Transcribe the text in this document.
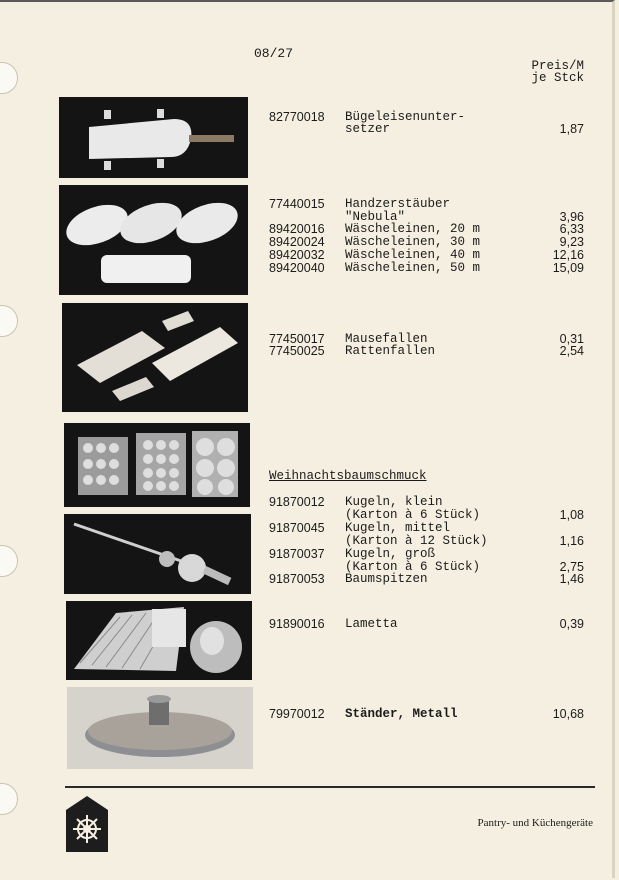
08/27
Preis/M
je Stck
82770018 Bügeleisenunter-
setzer	1,87
77440015 Handzerstäuber
"Nebula"	3,96
89420016 Wäscheleinen, 20 m	6,33
89420024 Wäscheleinen, 30 m	9,23
89420032 Wäscheleinen, 40 m	12,16
89420040 Wäscheleinen, 50 m	15,09
77450017 Mausefallen	0,31
77450025 Rattenfallen	2,54
Weihnachtsbaumschmuck
91870012 Kugeln, klein
(Karton à 6 Stück)	1,08
91870045 Kugeln, mittel
(Karton à 12 Stück)	1,16
91870037 Kugeln, groß
(Karton à 6 Stück)	2,75
91870053 Baumspitzen	1,46
91890016 Lametta	0,39
79970012 Ständer, Metall	10,68
Pantry- und Küchengeräte
